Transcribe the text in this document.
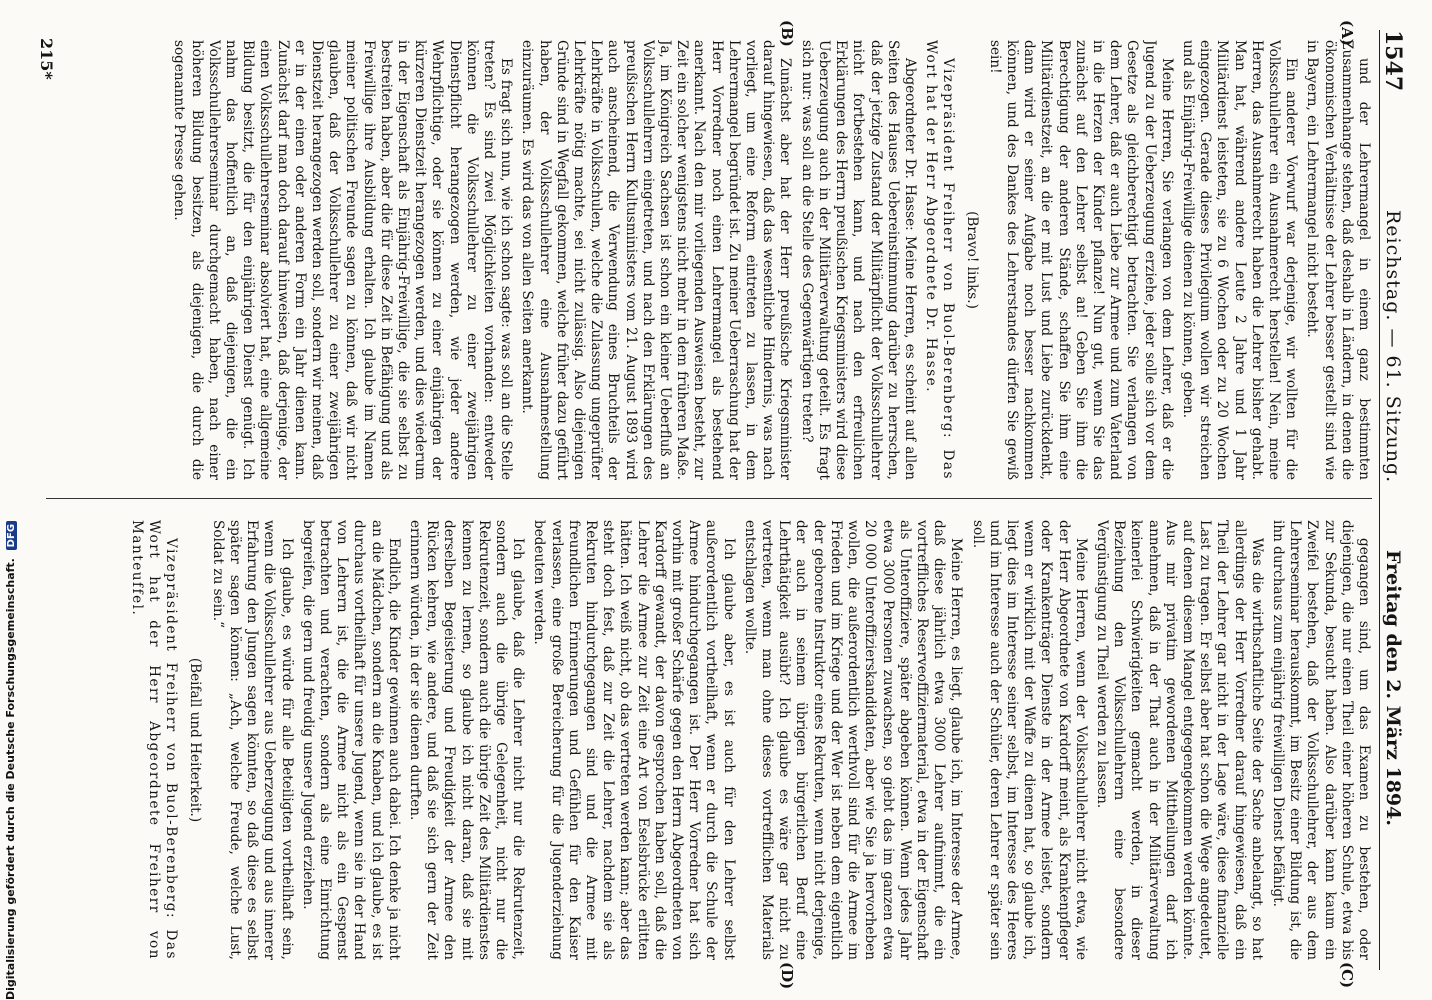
1547
Reichstag. — 61. Sitzung.
Freitag den 2. März 1894.
(A)
(B)
(C)
(D)

und der Lehrermangel in einem ganz bestimmten Zusammenhange stehen, daß deshalb in Ländern, in denen die ökonomischen Verhältnisse der Lehrer besser gestellt sind wie in Bayern, ein Lehrermangel nicht besteht.

Ein anderer Vorwurf war derjenige, wir wollten für die Volksschullehrer ein Ausnahmerecht herstellen! Nein, meine Herren, das Ausnahmerecht haben die Lehrer bisher gehabt. Man hat, während andere Leute 2 Jahre und 1 Jahr Militärdienst leisteten, sie zu 6 Wochen oder zu 20 Wochen eingezogen. Gerade dieses Privilegium wollen wir streichen und als Einjährig-Freiwillige dienen zu können, geben.

Meine Herren, Sie verlangen von dem Lehrer, daß er die Jugend zu der Ueberzeugung erziehe, jeder solle sich vor dem Gesetze als gleichberechtigt betrachten. Sie verlangen von dem Lehrer, daß er auch Liebe zur Armee und zum Vaterland in die Herzen der Kinder pflanze! Nun gut, wenn Sie das zunächst auf den Lehrer selbst an! Geben Sie ihm die Berechtigung der anderen Stände, schaffen Sie ihm eine Militärdienstzeit, an die er mit Lust und Liebe zurückdenkt, dann wird er seiner Aufgabe noch besser nachkommen können, und des Dankes des Lehrerstandes dürfen Sie gewiß sein!

(Bravo! links.)

Vizepräsident Freiherr von Buol-Berenberg: Das Wort hat der Herr Abgeordnete Dr. Hasse.

Abgeordneter Dr. Hasse: Meine Herren, es scheint auf allen Seiten des Hauses Uebereinstimmung darüber zu herrschen, daß der jetzige Zustand der Militärpflicht der Volksschullehrer nicht fortbestehen kann, und nach den erfreulichen Erklärungen des Herrn preußischen Kriegsministers wird diese Ueberzeugung auch in der Militärverwaltung geteilt. Es fragt sich nur: was soll an die Stelle des Gegenwärtigen treten?

Zunächst aber hat der Herr preußische Kriegsminister darauf hingewiesen, daß das wesentliche Hindernis, was nach vorliegt, um eine Reform eintreten zu lassen, in dem Lehrermangel begründet ist. Zu meiner Ueberraschung hat der Herr Vorredner noch einen Lehrermangel als bestehend anerkannt. Nach den mir vorliegenden Ausweisen besteht, zur Zeit ein solcher wenigstens nicht mehr in dem früheren Maße. Ja, im Königreich Sachsen ist schon ein kleiner Ueberfluß an Volksschullehrern eingetreten, und nach den Erklärungen des preußischen Herrn Kultusministers vom 21. August 1893 wird auch anscheinend, die Verwendung eines Bruchteils der Lehrkräfte in Volksschulen, welche die Zulassung ungeprüfter Lehrkräfte nötig machte, sei nicht zulässig. Also diejenigen Gründe sind in Wegfall gekommen, welche früher dazu geführt haben, der Volksschullehrer eine Ausnahmestellung einzuräumen. Es wird das von allen Seiten anerkannt.

Es fragt sich nun, wie ich schon sagte: was soll an die Stelle treten? Es sind zwei Möglichkeiten vorhanden: entweder können die Volksschullehrer zu einer zweijährigen Dienstpflicht herangezogen werden, wie jeder andere Wehrpflichtige, oder sie können zu einer einjährigen der kürzeren Dienstzeit herangezogen werden, und dies wiederum in der Eigenschaft als Einjährig-Freiwillige, die sie selbst zu bestreiten haben, aber die für diese Zeit in Befähigung und als Freiwillige ihre Ausbildung erhalten. Ich glaube im Namen meiner politischen Freunde sagen zu können, daß wir nicht glauben, daß der Volksschullehrer zu einer zweijährigen Dienstzeit herangezogen werden soll, sondern wir meinen, daß er in der einen oder anderen Form ein Jahr dienen kann. Zunächst darf man doch darauf hinweisen, daß derjenige, der einen Volksschullehrerseminar absolviert hat, eine allgemeine Bildung besitzt, die für den einjährigen Dienst genügt. Ich nahm das hoffentlich an, daß diejenigen, die ein Volksschullehrerseminar durchgemacht haben, nach einer höheren Bildung besitzen, als diejenigen, die durch die sogenannte Presse gehen.

gegangen sind, um das Examen zu bestehen, oder diejenigen, die nur einen Theil einer höheren Schule, etwa bis zur Sekunda, besucht haben. Also darüber kann kaum ein Zweifel bestehen, daß der Volksschullehrer, der aus dem Lehrerseminar herauskommt, im Besitz einer Bildung ist, die ihn durchaus zum einjährig freiwilligen Dienst befähigt.

Was die wirthschaftliche Seite der Sache anbelangt, so hat allerdings der Herr Vorredner darauf hingewiesen, daß ein Theil der Lehrer gar nicht in der Lage wäre, diese finanzielle Last zu tragen. Er selbst aber hat schon die Wege angedeutet, auf denen diesem Mangel entgegengekommen werden könnte. Aus mir privatim gewordenen Mittheilungen darf ich annehmen, daß in der That auch in der Militärverwaltung keinerlei Schwierigkeiten gemacht werden, in dieser Beziehung den Volksschullehrern eine besondere Vergünstigung zu Theil werden zu lassen.

Meine Herren, wenn der Volksschullehrer nicht etwa, wie der Herr Abgeordnete von Kardorff meint, als Krankenpfleger oder Krankenträger Dienste in der Armee leistet, sondern wenn er wirklich mit der Waffe zu dienen hat, so glaube ich, liegt dies im Interesse seiner selbst, im Interesse des Heeres und im Interesse auch der Schüler, deren Lehrer er später sein soll.

Meine Herren, es liegt, glaube ich, im Interesse der Armee, daß diese jährlich etwa 3000 Lehrer aufnimmt, die ein vortreffliches Reserveoffiziermaterial, etwa in der Eigenschaft als Unteroffiziere, später abgeben können. Wenn jedes Jahr etwa 3000 Personen zuwachsen, so giebt das im ganzen etwa 20 000 Unteroffizierskandidaten, aber wie Sie ja hervorheben wollen, die außerordentlich werthvoll sind für die Armee im Frieden und im Kriege und der Wer ist neben dem eigentlich der geborene Instruktor eines Rekruten, wenn nicht derjenige, der auch in seinem übrigen bürgerlichen Beruf eine Lehrthätigkeit ausübt? Ich glaube es wäre gar nicht zu vertreten, wenn man ohne dieses vortrefflichen Materials entschlagen wollte.

Ich glaube aber, es ist auch für den Lehrer selbst außerordentlich vortheilhaft, wenn er durch die Schule der Armee hindurchgegangen ist. Der Herr Vorredner hat sich vorhin mit großer Schärfe gegen den Herrn Abgeordneten von Kardorff gewandt, der davon gesprochen haben soll, daß die Lehrer die Armee zur Zeit eine Art von Eselsbrücke erlitten hätten. Ich weiß nicht, ob das vertreten werden kann; aber das steht doch fest, daß zur Zeit die Lehrer, nachdem sie als Rekruten hindurchgegangen sind und die Armee mit freundlichen Erinnerungen und Gefühlen für den Kaiser verlassen, eine große Bereicherung für die Jugenderziehung bedeuten werden.

Ich glaube, daß die Lehrer nicht nur die Rekrutenzeit, sondern auch die übrige Gelegenheit, nicht nur die Rekrutenzeit, sondern auch die übrige Zeit des Militärdienstes kennen zu lernen, so glaube ich nicht daran, daß sie mit derselben Begeisterung und Freudigkeit der Armee den Rücken kehren, wie andere, und daß sie sich gern der Zeit erinnern würden, in der sie dienen durften.

Endlich, die Kinder gewinnen auch dabei. Ich denke ja nicht an die Mädchen, sondern an die Knaben, und ich glaube, es ist durchaus vortheilhaft für unsere Jugend, wenn sie in der Hand von Lehrern ist, die die Armee nicht als ein Gespenst betrachten und verachten, sondern als eine Einrichtung begreifen, die gern und freudig unsere Jugend erziehen.

Ich glaube, es würde für alle Beteiligten vortheilhaft sein, wenn die Volksschullehrer aus Ueberzeugung und aus innerer Erfahrung den Jungen sagen könnten, so daß diese es selbst später sagen können: „Ach, welche Freude, welche Lust, Soldat zu sein.“

(Beifall und Heiterkeit.)

Vizepräsident Freiherr von Buol-Berenberg: Das Wort hat der Herr Abgeordnete Freiherr von Manteuffel.

215*
Digitalisierung gefördert durch die Deutsche Forschungsgemeinschaft. DFG
